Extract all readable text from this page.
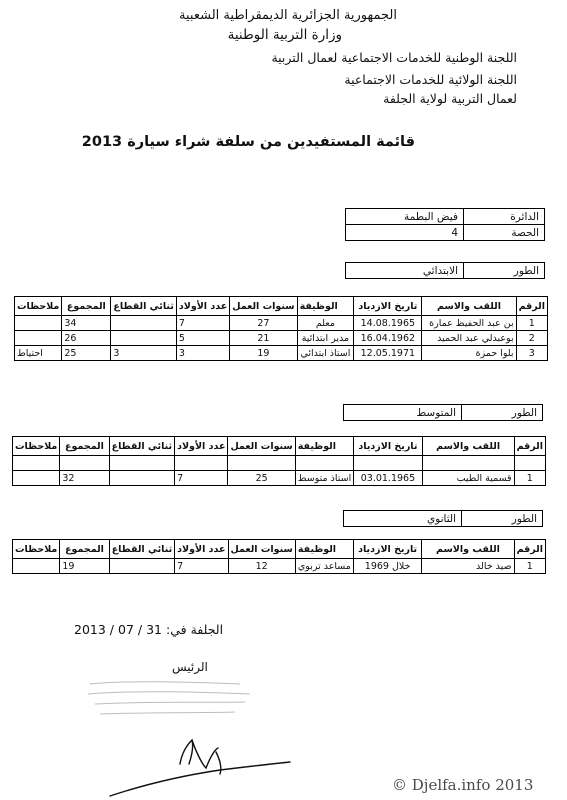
الجمهورية الجزائرية الديمقراطية الشعبية
وزارة التربية الوطنية
اللجنة الوطنية للخدمات الاجتماعية لعمال التربية
اللجنة الولائية للخدمات الاجتماعية
لعمال التربية لولاية الجلفة
قائمة المستفيدين من سلفة شراء سيارة 2013
الدائرة	فيض البطمة
الحصة	4
الطور	الابتدائي
الرقم	اللقب والاسم	تاريخ الازدياد	الوظيفة	سنوات العمل	عدد الأولاد	ثنائي القطاع	المجموع	ملاحظات
1	بن عبد الحفيظ عمارة	14.08.1965	معلم	27	7		34	
2	بوعبدلي عبد الحميد	16.04.1962	مدير ابتدائية	21	5		26	
3	بلوا حمزة	12.05.1971	استاذ ابتدائي	19	3	3	25	احتياط
الطور	المتوسط
الرقم	اللقب والاسم	تاريخ الازدياد	الوظيفة	سنوات العمل	عدد الأولاد	ثنائي القطاع	المجموع	ملاحظات

1	قسمية الطيب	03.01.1965	استاذ متوسط	25	7		32	
الطور	الثانوي
الرقم	اللقب والاسم	تاريخ الازدياد	الوظيفة	سنوات العمل	عدد الأولاد	ثنائي القطاع	المجموع	ملاحظات
1	صيد خالد	خلال 1969	مساعد تربوي	12	7		19	
2013 / 07 / 31 الجلفة في:
الرئيس
© Djelfa.info 2013
